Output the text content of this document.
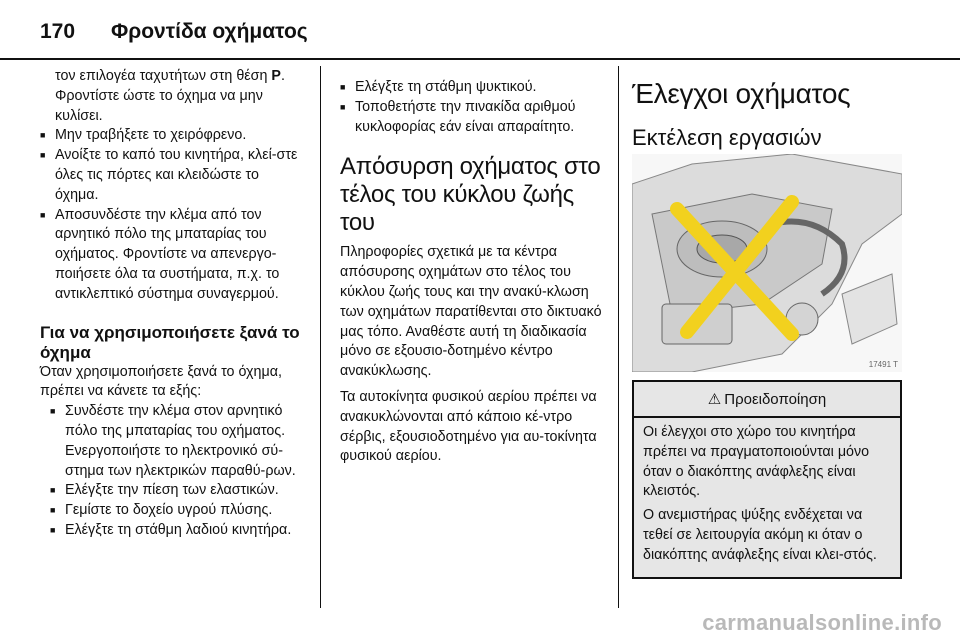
170 Φροντίδα οχήματος

τον επιλογέα ταχυτήτων στη θέση P. Φροντίστε ώστε το όχημα να μην κυλίσει.

■ Μην τραβήξετε το χειρόφρενο.

■ Ανοίξτε το καπό του κινητήρα, κλεί-στε όλες τις πόρτες και κλειδώστε το όχημα.

■ Αποσυνδέστε την κλέμα από τον αρνητικό πόλο της μπαταρίας του οχήματος. Φροντίστε να απενεργο-ποιήσετε όλα τα συστήματα, π.χ. το αντικλεπτικό σύστημα συναγερμού.

Για να χρησιμοποιήσετε ξανά το όχημα

Όταν χρησιμοποιήσετε ξανά το όχημα, πρέπει να κάνετε τα εξής:

■ Συνδέστε την κλέμα στον αρνητικό πόλο της μπαταρίας του οχήματος. Ενεργοποιήστε το ηλεκτρονικό σύ-στημα των ηλεκτρικών παραθύ-ρων.

■ Ελέγξτε την πίεση των ελαστικών.

■ Γεμίστε το δοχείο υγρού πλύσης.

■ Ελέγξτε τη στάθμη λαδιού κινητήρα.

■ Ελέγξτε τη στάθμη ψυκτικού.

■ Τοποθετήστε την πινακίδα αριθμού κυκλοφορίας εάν είναι απαραίτητο.

Απόσυρση οχήματος στο τέλος του κύκλου ζωής του

Πληροφορίες σχετικά με τα κέντρα απόσυρσης οχημάτων στο τέλος του κύκλου ζωής τους και την ανακύ-κλωση των οχημάτων παρατίθενται στο δικτυακό μας τόπο. Αναθέστε αυτή τη διαδικασία μόνο σε εξουσιο-δοτημένο κέντρο ανακύκλωσης.

Τα αυτοκίνητα φυσικού αερίου πρέπει να ανακυκλώνονται από κάποιο κέ-ντρο σέρβις, εξουσιοδοτημένο για αυ-τοκίνητα φυσικού αερίου.

Έλεγχοι οχήματος
Εκτέλεση εργασιών
17491 T
⚠ Προειδοποίηση

Οι έλεγχοι στο χώρο του κινητήρα πρέπει να πραγματοποιούνται μόνο όταν ο διακόπτης ανάφλεξης είναι κλειστός.

Ο ανεμιστήρας ψύξης ενδέχεται να τεθεί σε λειτουργία ακόμη κι όταν ο διακόπτης ανάφλεξης είναι κλει-στός.

carmanualsonline.info
